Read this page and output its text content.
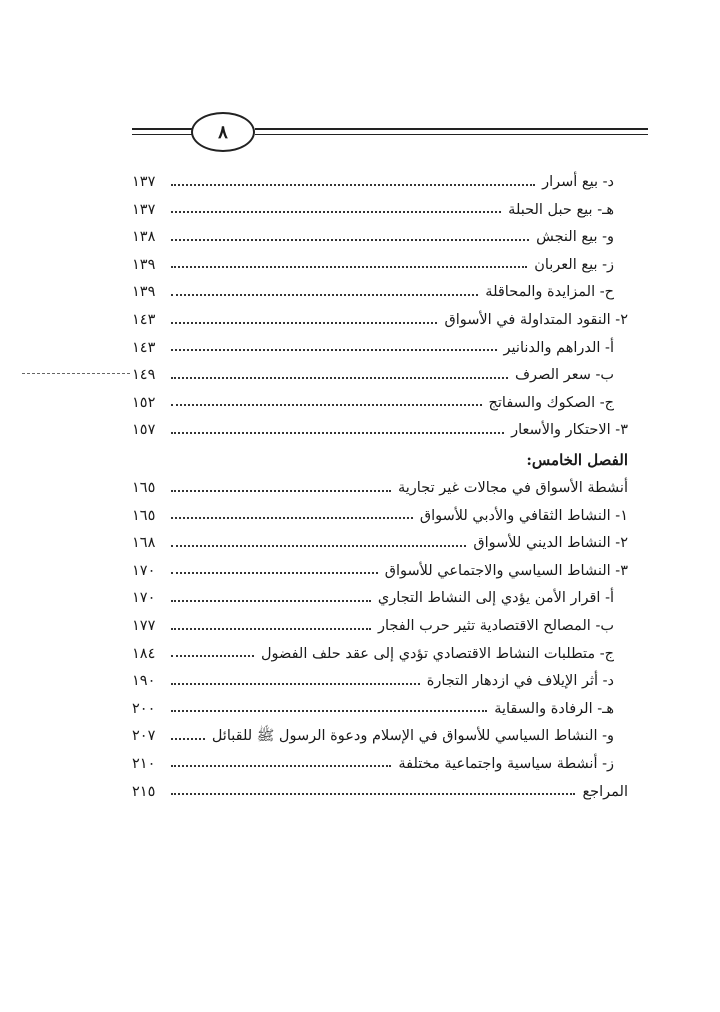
٨
د- بيع أسرار
١٣٧
هـ- بيع حبل الحبلة
١٣٧
و- بيع النجش
١٣٨
ز- بيع العربان
١٣٩
ح- المزايدة والمحاقلة
١٣٩
٢- النقود المتداولة في الأسواق
١٤٣
أ- الدراهم والدنانير
١٤٣
ب- سعر الصرف
١٤٩
ج- الصكوك والسفاتج
١٥٢
٣- الاحتكار والأسعار
١٥٧
الفصل الخامس:
أنشطة الأسواق في مجالات غير تجارية
١٦٥
١- النشاط الثقافي والأدبي للأسواق
١٦٥
٢- النشاط الديني للأسواق
١٦٨
٣- النشاط السياسي والاجتماعي للأسواق
١٧٠
أ- اقرار الأمن يؤدي إلى النشاط التجاري
١٧٠
ب- المصالح الاقتصادية تثير حرب الفجار
١٧٧
ج- متطلبات النشاط الاقتصادي تؤدي إلى عقد حلف الفضول
١٨٤
د- أثر الإيلاف في ازدهار التجارة
١٩٠
هـ- الرفادة والسقاية
٢٠٠
و- النشاط السياسي للأسواق في الإسلام ودعوة الرسول ﷺ للقبائل
٢٠٧
ز- أنشطة سياسية واجتماعية مختلفة
٢١٠
المراجع
٢١٥
